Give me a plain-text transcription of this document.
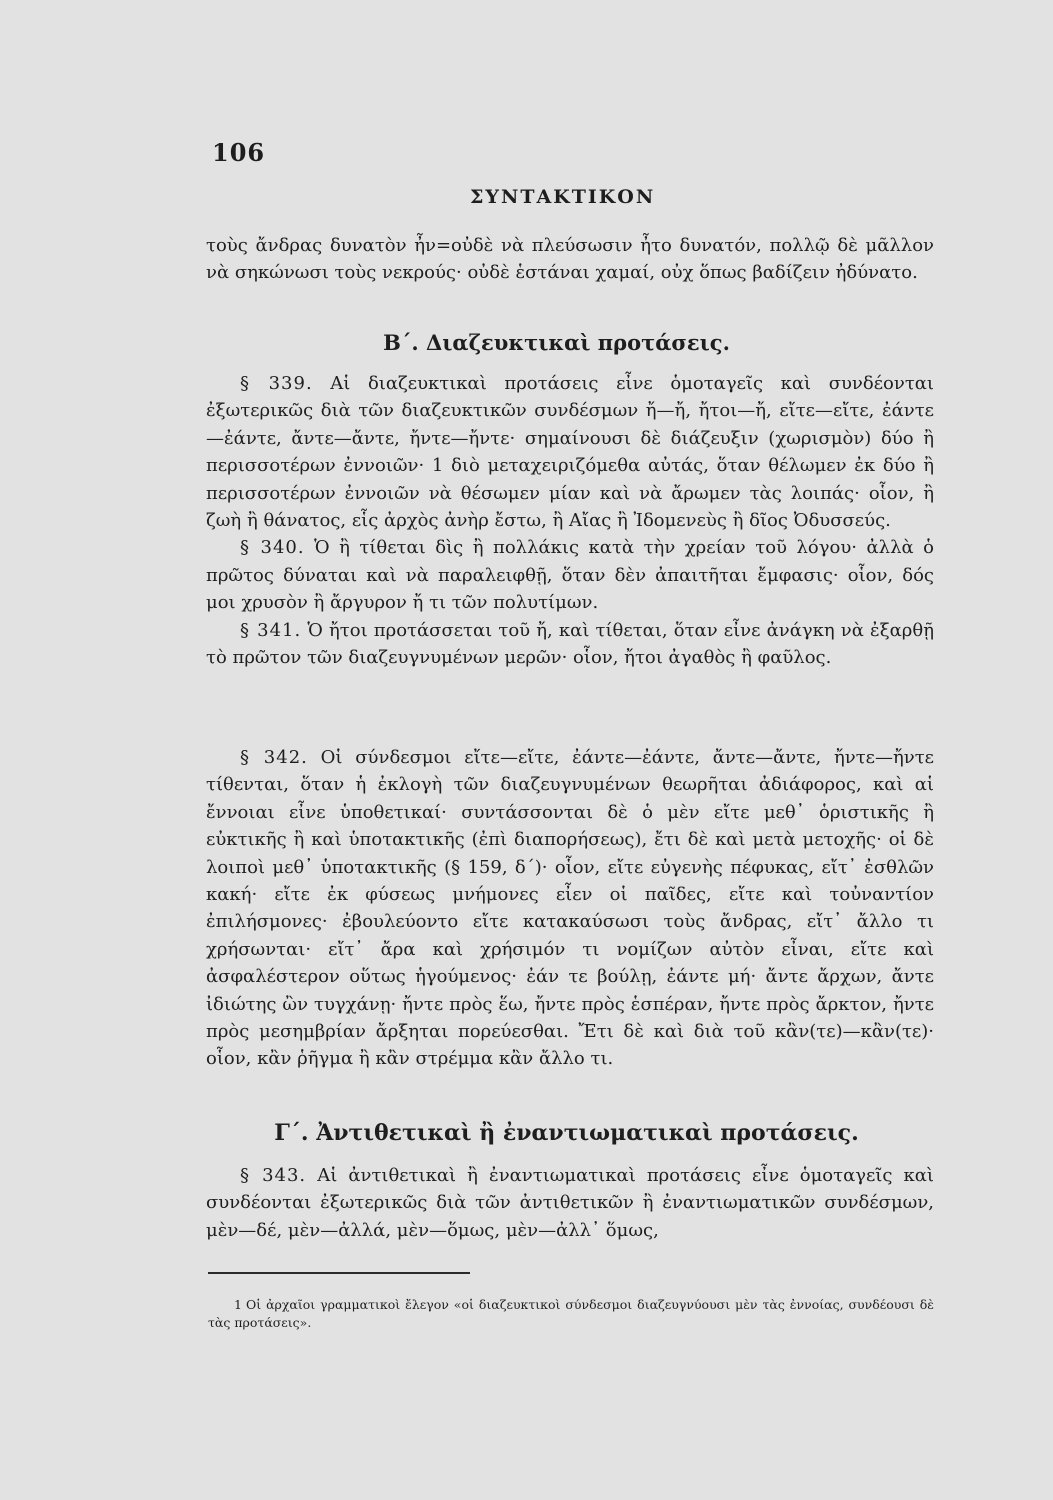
106
ΣΥΝΤΑΚΤΙΚΟΝ

τοὺς ἄνδρας δυνατὸν ἦν=οὐδὲ νὰ πλεύσωσιν ἦτο δυνατόν, πολλῷ δὲ μᾶλλον νὰ σηκώνωσι τοὺς νεκρούς· οὐδὲ ἑστάναι χαμαί, οὐχ ὅπως βαδίζειν ἠδύνατο.

Β΄. Διαζευκτικαὶ προτάσεις.

§ 339. Αἱ διαζευκτικαὶ προτάσεις εἶνε ὁμοταγεῖς καὶ συνδέονται ἐξωτερικῶς διὰ τῶν διαζευκτικῶν συνδέσμων ἤ—ἤ, ἤτοι—ἤ, εἴτε—εἴτε, ἐάντε—ἐάντε, ἄντε—ἄντε, ἤντε—ἤντε· σημαίνουσι δὲ διάζευξιν (χωρισμὸν) δύο ἢ περισσοτέρων ἐννοιῶν· 1 διὸ μεταχειριζόμεθα αὐτάς, ὅταν θέλωμεν ἐκ δύο ἢ περισσοτέρων ἐννοιῶν νὰ θέσωμεν μίαν καὶ νὰ ἄρωμεν τὰς λοιπάς· οἷον, ἢ ζωὴ ἢ θάνατος, εἷς ἀρχὸς ἀνὴρ ἔστω, ἢ Αἴας ἢ Ἰδομενεὺς ἢ δῖος Ὀδυσσεύς.

§ 340. Ὁ ἢ τίθεται δὶς ἢ πολλάκις κατὰ τὴν χρείαν τοῦ λόγου· ἀλλὰ ὁ πρῶτος δύναται καὶ νὰ παραλειφθῇ, ὅταν δὲν ἀπαιτῆται ἔμφασις· οἷον, δός μοι χρυσὸν ἢ ἄργυρον ἤ τι τῶν πολυτίμων.

§ 341. Ὁ ἤτοι προτάσσεται τοῦ ἤ, καὶ τίθεται, ὅταν εἶνε ἀνάγκη νὰ ἐξαρθῇ τὸ πρῶτον τῶν διαζευγνυμένων μερῶν· οἷον, ἤτοι ἀγαθὸς ἢ φαῦλος.

§ 342. Οἱ σύνδεσμοι εἴτε—εἴτε, ἐάντε—ἐάντε, ἄντε—ἄντε, ἤντε—ἤντε τίθενται, ὅταν ἡ ἐκλογὴ τῶν διαζευγνυμένων θεωρῆται ἀδιάφορος, καὶ αἱ ἔννοιαι εἶνε ὑποθετικαί· συντάσσονται δὲ ὁ μὲν εἴτε μεθ᾽ ὁριστικῆς ἢ εὐκτικῆς ἢ καὶ ὑποτακτικῆς (ἐπὶ διαπορήσεως), ἔτι δὲ καὶ μετὰ μετοχῆς· οἱ δὲ λοιποὶ μεθ᾽ ὑποτακτικῆς (§ 159, δ΄)· οἷον, εἴτε εὐγενὴς πέφυκας, εἴτ᾽ ἐσθλῶν κακή· εἴτε ἐκ φύσεως μνήμονες εἶεν οἱ παῖδες, εἴτε καὶ τοὐναντίον ἐπιλήσμονες· ἐβουλεύοντο εἴτε κατακαύσωσι τοὺς ἄνδρας, εἴτ᾽ ἄλλο τι χρήσωνται· εἴτ᾽ ἄρα καὶ χρήσιμόν τι νομίζων αὐτὸν εἶναι, εἴτε καὶ ἀσφαλέστερον οὕτως ἡγούμενος· ἐάν τε βούλῃ, ἐάντε μή· ἄντε ἄρχων, ἄντε ἰδιώτης ὢν τυγχάνῃ· ἤντε πρὸς ἕω, ἤντε πρὸς ἑσπέραν, ἤντε πρὸς ἄρκτον, ἤντε πρὸς μεσημβρίαν ἄρξηται πορεύεσθαι. Ἔτι δὲ καὶ διὰ τοῦ κἂν(τε)—κἂν(τε)· οἷον, κἂν ῥῆγμα ἢ κἂν στρέμμα κἂν ἄλλο τι.

Γ΄. Ἀντιθετικαὶ ἢ ἐναντιωματικαὶ προτάσεις.

§ 343. Αἱ ἀντιθετικαὶ ἢ ἐναντιωματικαὶ προτάσεις εἶνε ὁμοταγεῖς καὶ συνδέονται ἐξωτερικῶς διὰ τῶν ἀντιθετικῶν ἢ ἐναντιωματικῶν συνδέσμων, μὲν—δέ, μὲν—ἀλλά, μὲν—ὅμως, μὲν—ἀλλ᾽ ὅμως,

1 Οἱ ἀρχαῖοι γραμματικοὶ ἔλεγον «οἱ διαζευκτικοὶ σύνδεσμοι διαζευγνύουσι μὲν τὰς ἐννοίας, συνδέουσι δὲ τὰς προτάσεις».
